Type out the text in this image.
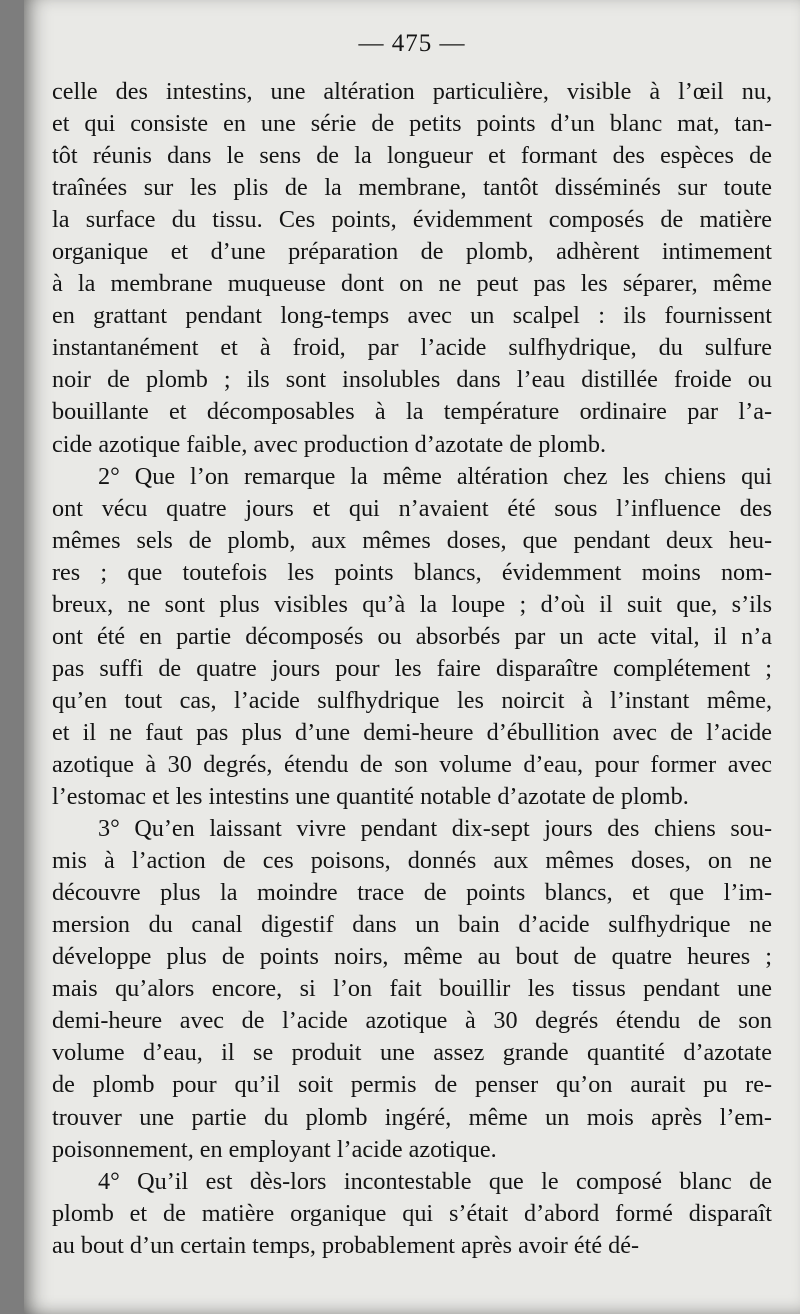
— 475 —
celle des intestins, une altération particulière, visible à l’œil nu,
et qui consiste en une série de petits points d’un blanc mat, tan-
tôt réunis dans le sens de la longueur et formant des espèces de
traînées sur les plis de la membrane, tantôt disséminés sur toute
la surface du tissu. Ces points, évidemment composés de matière
organique et d’une préparation de plomb, adhèrent intimement
à la membrane muqueuse dont on ne peut pas les séparer, même
en grattant pendant long-temps avec un scalpel : ils fournissent
instantanément et à froid, par l’acide sulfhydrique, du sulfure
noir de plomb ; ils sont insolubles dans l’eau distillée froide ou
bouillante et décomposables à la température ordinaire par l’a-
cide azotique faible, avec production d’azotate de plomb.
2° Que l’on remarque la même altération chez les chiens qui
ont vécu quatre jours et qui n’avaient été sous l’influence des
mêmes sels de plomb, aux mêmes doses, que pendant deux heu-
res ; que toutefois les points blancs, évidemment moins nom-
breux, ne sont plus visibles qu’à la loupe ; d’où il suit que, s’ils
ont été en partie décomposés ou absorbés par un acte vital, il n’a
pas suffi de quatre jours pour les faire disparaître complétement ;
qu’en tout cas, l’acide sulfhydrique les noircit à l’instant même,
et il ne faut pas plus d’une demi-heure d’ébullition avec de l’acide
azotique à 30 degrés, étendu de son volume d’eau, pour former avec
l’estomac et les intestins une quantité notable d’azotate de plomb.
3° Qu’en laissant vivre pendant dix-sept jours des chiens sou-
mis à l’action de ces poisons, donnés aux mêmes doses, on ne
découvre plus la moindre trace de points blancs, et que l’im-
mersion du canal digestif dans un bain d’acide sulfhydrique ne
développe plus de points noirs, même au bout de quatre heures ;
mais qu’alors encore, si l’on fait bouillir les tissus pendant une
demi-heure avec de l’acide azotique à 30 degrés étendu de son
volume d’eau, il se produit une assez grande quantité d’azotate
de plomb pour qu’il soit permis de penser qu’on aurait pu re-
trouver une partie du plomb ingéré, même un mois après l’em-
poisonnement, en employant l’acide azotique.
4° Qu’il est dès-lors incontestable que le composé blanc de
plomb et de matière organique qui s’était d’abord formé disparaît
au bout d’un certain temps, probablement après avoir été dé-
